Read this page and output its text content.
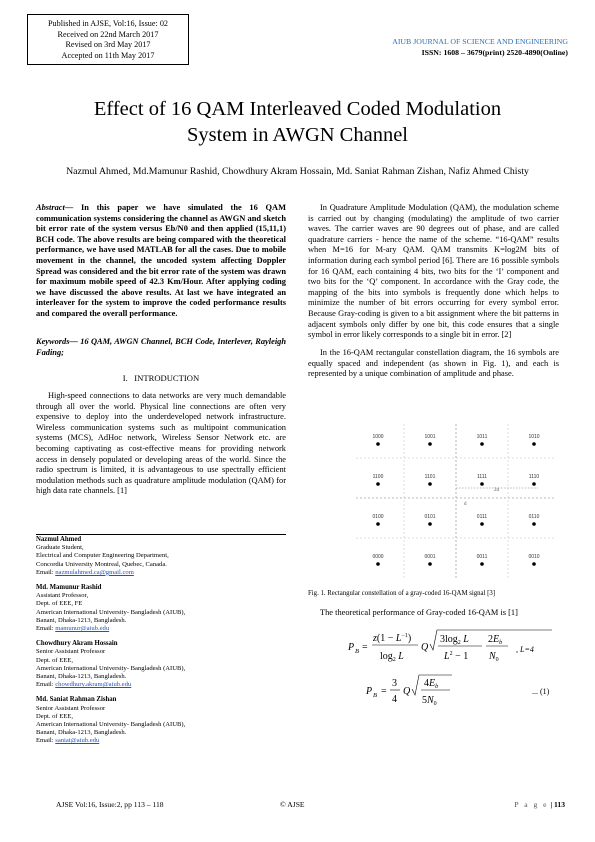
Published in AJSE, Vol:16, Issue: 02
Received on 22nd March 2017
Revised on 3rd May 2017
Accepted on 11th May 2017
AIUB JOURNAL OF SCIENCE AND ENGINEERING
ISSN: 1608 – 3679(print) 2520-4890(Online)
Effect of 16 QAM Interleaved Coded Modulation
System in AWGN Channel
Nazmul Ahmed, Md.Mamunur Rashid, Chowdhury Akram Hossain, Md. Saniat Rahman Zishan, Nafiz Ahmed Chisty
Abstract— In this paper we have simulated the 16 QAM communication systems considering the channel as AWGN and sketch bit error rate of the system versus Eb/N0 and then applied (15,11,1) BCH code. The above results are being compared with the theoretical performance, we have used MATLAB for all the cases. Due to mobile movement in the channel, the uncoded system affecting Doppler Spread was considered and the bit error rate of the system was drawn for maximum mobile speed of 42.3 Km/Hour. After applying coding we have discussed the above results. At last we have integrated an interleaver for the system to improve the coded performance results and compared the overall performance.
Keywords— 16 QAM, AWGN Channel, BCH Code, Interlever, Rayleigh Fading;
I. INTRODUCTION
High-speed connections to data networks are very much demandable through all over the world. Physical line connections are often very expensive to deploy into the underdeveloped network infrastructure. Wireless communication systems such as multipoint communication systems (MCS), AdHoc network, Wireless Sensor Network etc. are becoming captivating as cost-effective means for providing network access in densely populated or developing areas of the world. Since the radio spectrum is limited, it is advantageous to use spectrally efficient modulation methods such as quadrature amplitude modulation (QAM) for high data rate channels. [1]
Nazmul Ahmed
Graduate Student,
Electrical and Computer Engineering Department,
Concordia University Montreal, Quebec, Canada.
Email: nazmulahmed.ca@gmail.com
Md. Mamunur Rashid
Assistant Professor,
Dept. of EEE, FE
American International University- Bangladesh (AIUB),
Banani, Dhaka-1213, Bangladesh.
Email: mamunur@aiub.edu
Chowdhury Akram Hossain
Senior Assistant Professor
Dept. of EEE,
American International University- Bangladesh (AIUB),
Banani, Dhaka-1213, Bangladesh.
Email: chowdhury.akram@aiub.edu
Md. Saniat Rahman Zishan
Senior Assistant Professor
Dept. of EEE,
American International University- Bangladesh (AIUB),
Banani, Dhaka-1213, Bangladesh.
Email: saniat@aiub.edu
In Quadrature Amplitude Modulation (QAM), the modulation scheme is carried out by changing (modulating) the amplitude of two carrier waves. The carrier waves are 90 degrees out of phase, and are called quadrature carriers - hence the name of the scheme. “16-QAM” results when M=16 for M-ary QAM. QAM transmits K=log2M bits of information during each symbol period [6]. There are 16 possible symbols for 16 QAM, each containing 4 bits, two bits for the ‘I’ component and two bits for the ‘Q’ component. In accordance with the Gray code, the mapping of the bits into symbols is frequently done which helps to minimize the number of bit errors occurring for every symbol error. Because Gray-coding is given to a bit assignment where the bit patterns in adjacent symbols only differ by one bit, this code ensures that a single symbol in error likely corresponds to a single bit in error. [2]
In the 16-QAM rectangular constellation diagram, the 16 symbols are equally spaced and independent (as shown in Fig. 1), and each is represented by a unique combination of amplitude and phase.
2d
d
1000	1001	1011	1010
1100	1101	1111	1110
0100	0101	0111	0110
0000	0001	0011	0010
Fig. 1. Rectangular constellation of a gray-coded 16-QAM signal [3]
The theoretical performance of Gray-coded 16-QAM is [1]
P B =
$z(1 - L^{-1})$
$\log_2 L$
Q
$3\log_2$ L
$L^2 - 1$
$2E_b$
$N_0$
, L=4
P B =
3
4
Q
$4E_b$
$5N_0$
... (1)
AJSE Vol:16, Issue:2, pp 113 – 118	© AJSE	P a g e | 113
